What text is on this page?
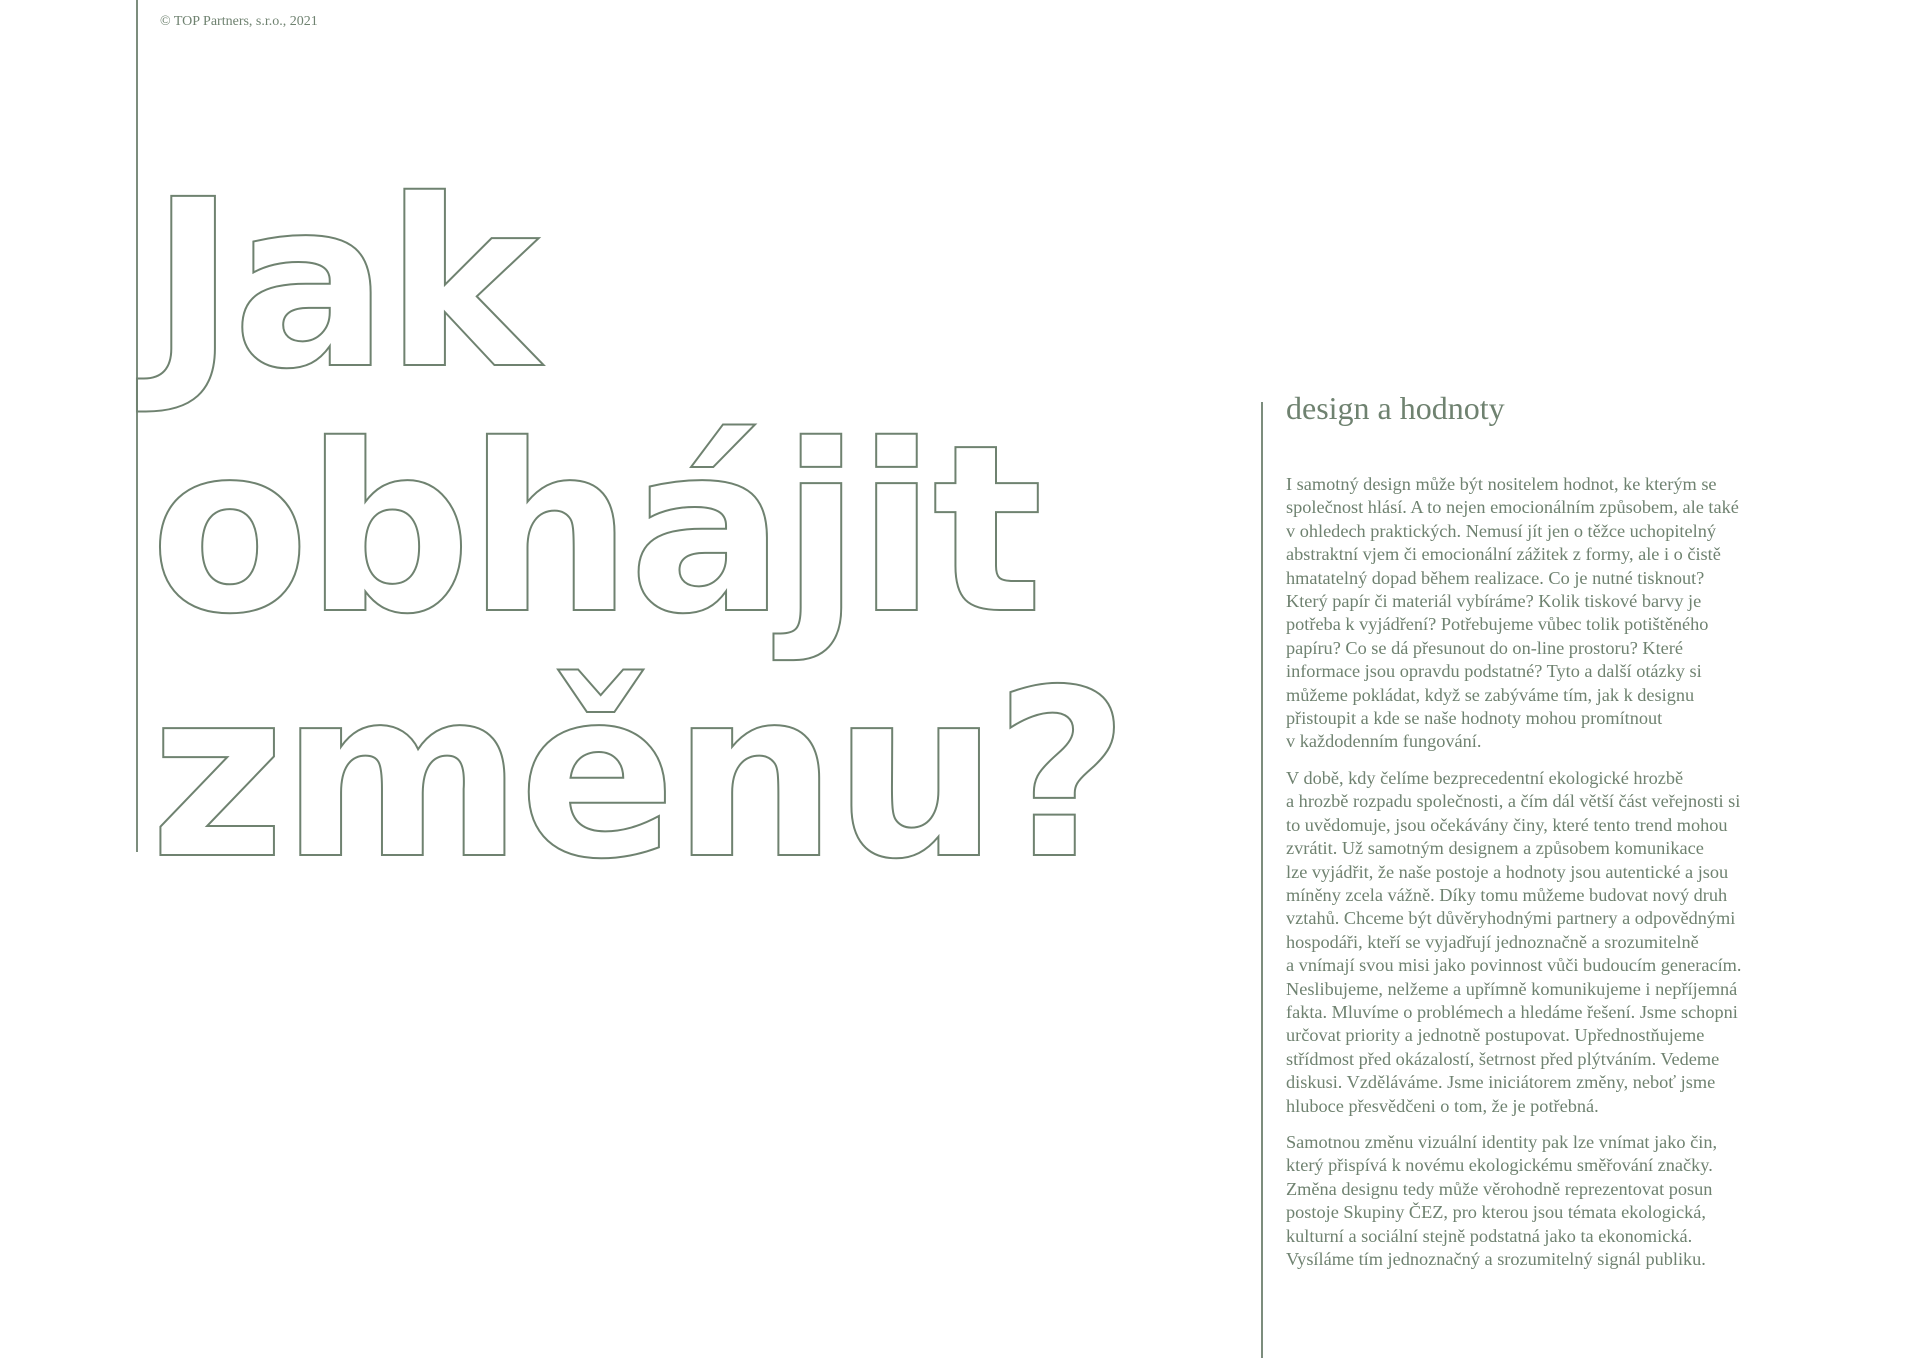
© TOP Partners, s.r.o., 2021
Jak
obhájit
změnu?
design a hodnoty

I samotný design může být nositelem hodnot, ke kterým se
společnost hlásí. A to nejen emocionálním způsobem, ale také
v ohledech praktických. Nemusí jít jen o těžce uchopitelný
abstraktní vjem či emocionální zážitek z formy, ale i o čistě
hmatatelný dopad během realizace. Co je nutné tisknout?
Který papír či materiál vybíráme? Kolik tiskové barvy je
potřeba k vyjádření? Potřebujeme vůbec tolik potištěného
papíru? Co se dá přesunout do on-line prostoru? Které
informace jsou opravdu podstatné? Tyto a další otázky si
můžeme pokládat, když se zabýváme tím, jak k designu
přistoupit a kde se naše hodnoty mohou promítnout
v každodenním fungování.

V době, kdy čelíme bezprecedentní ekologické hrozbě
a hrozbě rozpadu společnosti, a čím dál větší část veřejnosti si
to uvědomuje, jsou očekávány činy, které tento trend mohou
zvrátit. Už samotným designem a způsobem komunikace
lze vyjádřit, že naše postoje a hodnoty jsou autentické a jsou
míněny zcela vážně. Díky tomu můžeme budovat nový druh
vztahů. Chceme být důvěryhodnými partnery a odpovědnými
hospodáři, kteří se vyjadřují jednoznačně a srozumitelně
a vnímají svou misi jako povinnost vůči budoucím generacím.
Neslibujeme, nelžeme a upřímně komunikujeme i nepříjemná
fakta. Mluvíme o problémech a hledáme řešení. Jsme schopni
určovat priority a jednotně postupovat. Upřednostňujeme
střídmost před okázalostí, šetrnost před plýtváním. Vedeme
diskusi. Vzděláváme. Jsme iniciátorem změny, neboť jsme
hluboce přesvědčeni o tom, že je potřebná.

Samotnou změnu vizuální identity pak lze vnímat jako čin,
který přispívá k novému ekologickému směřování značky.
Změna designu tedy může věrohodně reprezentovat posun
postoje Skupiny ČEZ, pro kterou jsou témata ekologická,
kulturní a sociální stejně podstatná jako ta ekonomická.
Vysíláme tím jednoznačný a srozumitelný signál publiku.
